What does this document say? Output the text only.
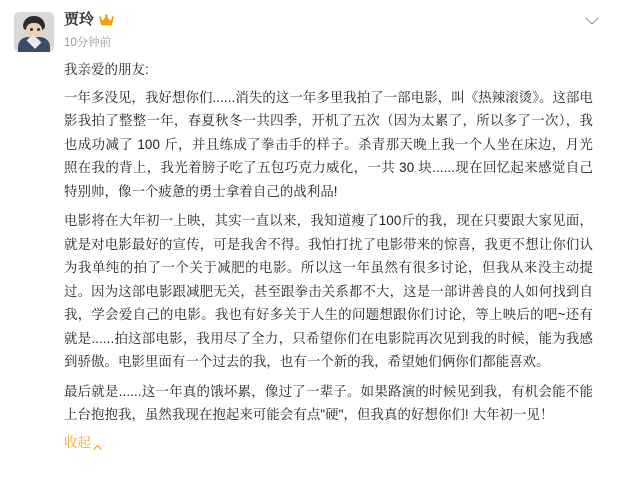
贾玲
10分钟前

我亲爱的朋友:

一年多没见，我好想你们......消失的这一年多里我拍了一部电影，叫《热辣滚烫》。这部电影我拍了整整一年，春夏秋冬一共四季，开机了五次（因为太累了，所以多了一次），我也成功减了 100 斤，并且练成了拳击手的样子。杀青那天晚上我一个人坐在床边，月光照在我的背上，我光着膀子吃了五包巧克力威化，一共 30 块......现在回忆起来感觉自己特别帅，像一个疲惫的勇士拿着自己的战利品!

电影将在大年初一上映，其实一直以来，我知道瘦了100斤的我，现在只要跟大家见面，就是对电影最好的宣传，可是我舍不得。我怕打扰了电影带来的惊喜，我更不想让你们认为我单纯的拍了一个关于减肥的电影。所以这一年虽然有很多讨论，但我从来没主动提过。因为这部电影跟减肥无关，甚至跟拳击关系都不大，这是一部讲善良的人如何找到自我，学会爱自己的电影。我也有好多关于人生的问题想跟你们讨论，等上映后的吧~还有就是......拍这部电影，我用尽了全力，只希望你们在电影院再次见到我的时候，能为我感到骄傲。电影里面有一个过去的我，也有一个新的我，希望她们俩你们都能喜欢。

最后就是......这一年真的饿坏累，像过了一辈子。如果路演的时候见到我，有机会能不能上台抱抱我，虽然我现在抱起来可能会有点"硬"，但我真的好想你们! 大年初一见！

收起
